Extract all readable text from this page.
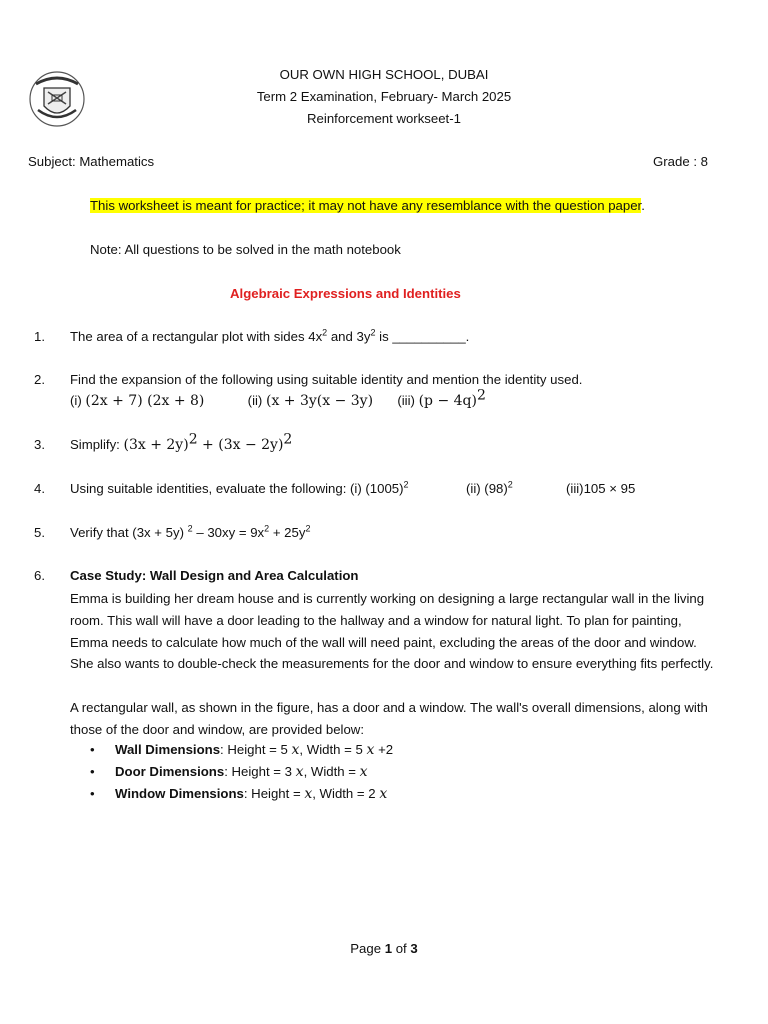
OUR OWN HIGH SCHOOL, DUBAI
Term 2 Examination, February- March 2025
Reinforcement workseet-1
Subject: Mathematics	Grade : 8
This worksheet is meant for practice; it may not have any resemblance with the question paper.
Note: All questions to be solved in the math notebook
Algebraic Expressions and Identities
1. The area of a rectangular plot with sides $4x^2$ and $3y^2$ is __________.
2. Find the expansion of the following using suitable identity and mention the identity used.
(i) (2x + 7) (2x + 8)	(ii) (x + 3y(x − 3y) (iii) $(p - 4q)^2$
3. Simplify: $(3x + 2y)^2 + (3x - 2y)^2$
4. Using suitable identities, evaluate the following: (i) $(1005)^2$	(ii) $(98)^2$	(iii)105 × 95
5. Verify that (3x + 5y) $^2 - 30xy = 9x^2 + 25y^2$
6. Case Study: Wall Design and Area Calculation
Emma is building her dream house and is currently working on designing a large rectangular wall in the living room. This wall will have a door leading to the hallway and a window for natural light. To plan for painting, Emma needs to calculate how much of the wall will need paint, excluding the areas of the door and window. She also wants to double-check the measurements for the door and window to ensure everything fits perfectly.
A rectangular wall, as shown in the figure, has a door and a window. The wall's overall dimensions, along with those of the door and window, are provided below:
• Wall Dimensions: Height = 5 x, Width = 5 x +2
• Door Dimensions: Height = 3 x, Width = x
• Window Dimensions: Height = x, Width = 2 x
Page 1 of 3
